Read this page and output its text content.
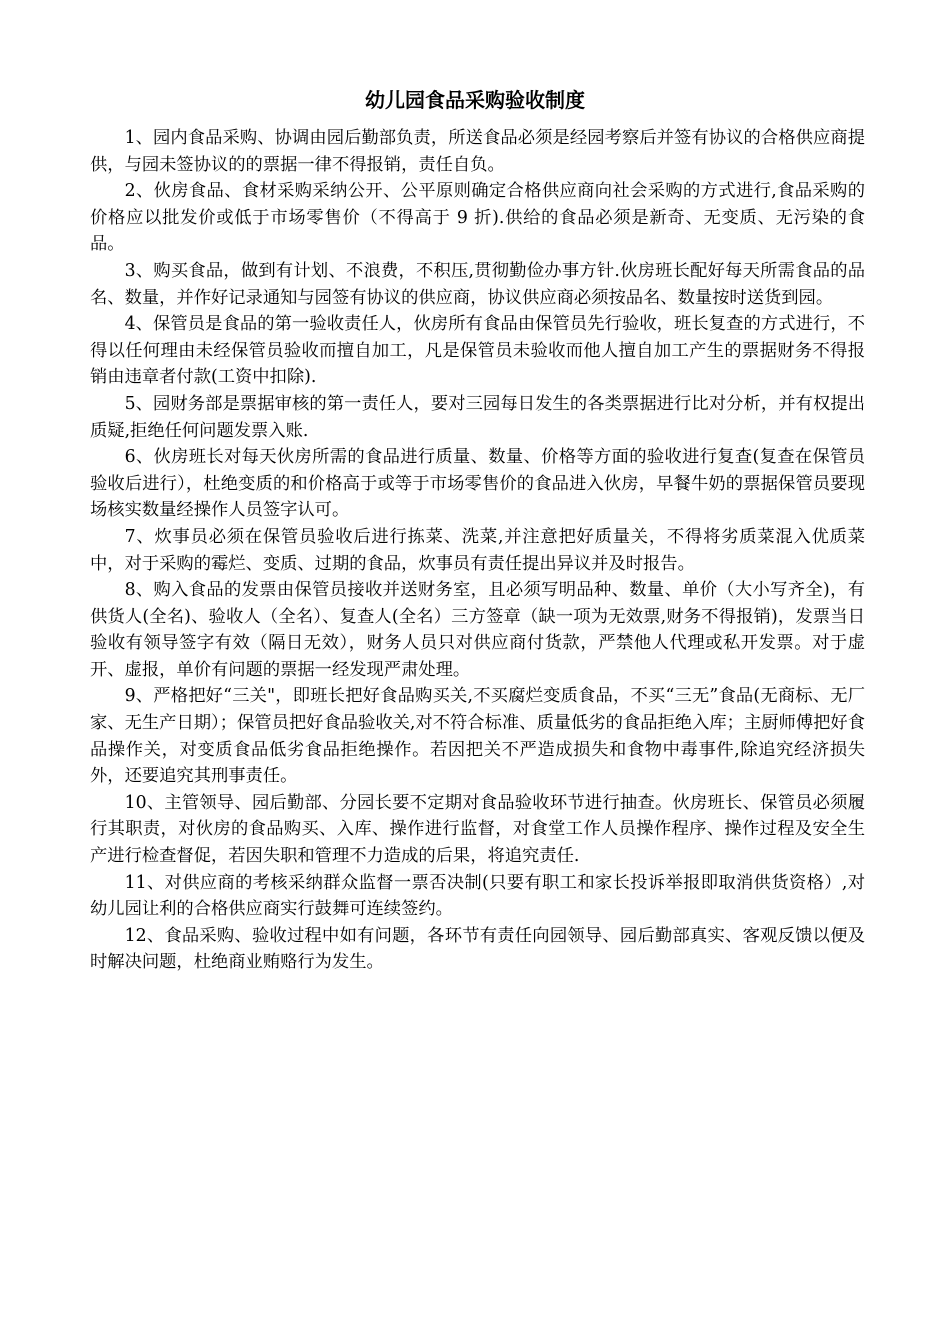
幼儿园食品采购验收制度

1、园内食品采购、协调由园后勤部负责，所送食品必须是经园考察后并签有协议的合格供应商提供，与园未签协议的的票据一律不得报销，责任自负。

2、伙房食品、食材采购采纳公开、公平原则确定合格供应商向社会采购的方式进行,食品采购的价格应以批发价或低于市场零售价（不得高于 9 折).供给的食品必须是新奇、无变质、无污染的食品。

3、购买食品，做到有计划、不浪费，不积压,贯彻勤俭办事方针.伙房班长配好每天所需食品的品名、数量，并作好记录通知与园签有协议的供应商，协议供应商必须按品名、数量按时送货到园。

4、保管员是食品的第一验收责任人，伙房所有食品由保管员先行验收，班长复查的方式进行，不得以任何理由未经保管员验收而擅自加工，凡是保管员未验收而他人擅自加工产生的票据财务不得报销由违章者付款(工资中扣除).

5、园财务部是票据审核的第一责任人，要对三园每日发生的各类票据进行比对分析，并有权提出质疑,拒绝任何问题发票入账.

6、伙房班长对每天伙房所需的食品进行质量、数量、价格等方面的验收进行复查(复查在保管员验收后进行），杜绝变质的和价格高于或等于市场零售价的食品进入伙房，早餐牛奶的票据保管员要现场核实数量经操作人员签字认可。

7、炊事员必须在保管员验收后进行拣菜、洗菜,并注意把好质量关，不得将劣质菜混入优质菜中，对于采购的霉烂、变质、过期的食品，炊事员有责任提出异议并及时报告。

8、购入食品的发票由保管员接收并送财务室，且必须写明品种、数量、单价（大小写齐全)，有供货人(全名)、验收人（全名）、复查人(全名）三方签章（缺一项为无效票,财务不得报销)，发票当日验收有领导签字有效（隔日无效），财务人员只对供应商付货款，严禁他人代理或私开发票。对于虚开、虚报，单价有问题的票据一经发现严肃处理。

9、严格把好“三关"，即班长把好食品购买关,不买腐烂变质食品，不买“三无”食品(无商标、无厂家、无生产日期）；保管员把好食品验收关,对不符合标准、质量低劣的食品拒绝入库；主厨师傅把好食品操作关，对变质食品低劣食品拒绝操作。若因把关不严造成损失和食物中毒事件,除追究经济损失外，还要追究其刑事责任。

10、主管领导、园后勤部、分园长要不定期对食品验收环节进行抽查。伙房班长、保管员必须履行其职责，对伙房的食品购买、入库、操作进行监督，对食堂工作人员操作程序、操作过程及安全生产进行检查督促，若因失职和管理不力造成的后果，将追究责任.

11、对供应商的考核采纳群众监督一票否决制(只要有职工和家长投诉举报即取消供货资格）,对幼儿园让利的合格供应商实行鼓舞可连续签约。

12、食品采购、验收过程中如有问题，各环节有责任向园领导、园后勤部真实、客观反馈以便及时解决问题，杜绝商业贿赂行为发生。
